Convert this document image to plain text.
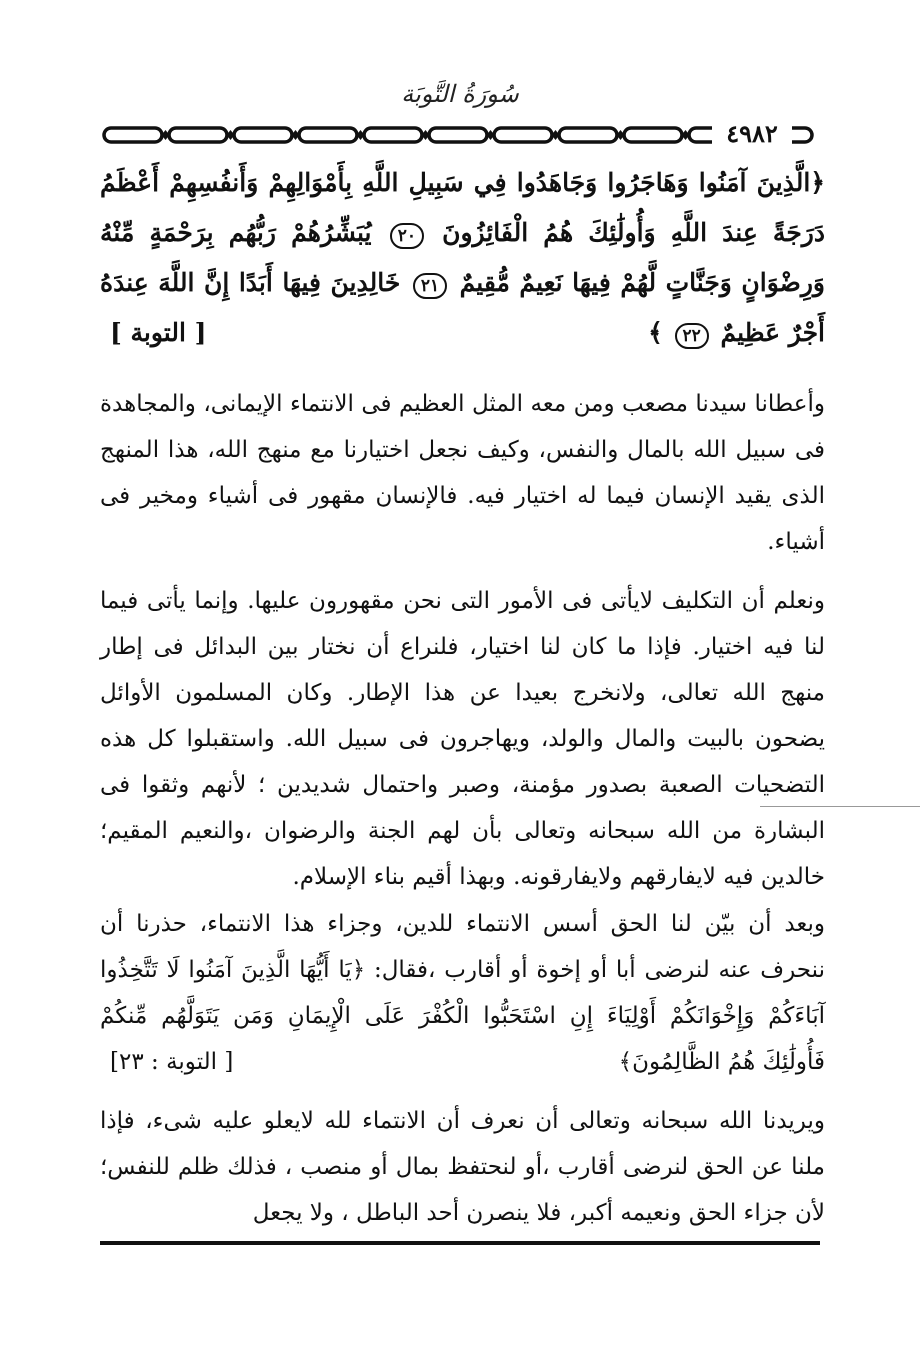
سُورَةُ التَّوبَة
٤٩٨٢
﴿الَّذِينَ آمَنُوا وَهَاجَرُوا وَجَاهَدُوا فِي سَبِيلِ اللَّهِ بِأَمْوَالِهِمْ وَأَنفُسِهِمْ أَعْظَمُ دَرَجَةً عِندَ اللَّهِ وَأُولَٰئِكَ هُمُ الْفَائِزُونَ ٢٠ يُبَشِّرُهُمْ رَبُّهُم بِرَحْمَةٍ مِّنْهُ وَرِضْوَانٍ وَجَنَّاتٍ لَّهُمْ فِيهَا نَعِيمٌ مُّقِيمٌ ٢١ خَالِدِينَ فِيهَا أَبَدًا إِنَّ اللَّهَ عِندَهُ أَجْرٌ عَظِيمٌ ٢٢ ﴾
[ التوبة ]

وأعطانا سيدنا مصعب ومن معه المثل العظيم فى الانتماء الإيمانى، والمجاهدة فى سبيل الله بالمال والنفس، وكيف نجعل اختيارنا مع منهج الله، هذا المنهج الذى يقيد الإنسان فيما له اختيار فيه. فالإنسان مقهور فى أشياء ومخير فى أشياء.

ونعلم أن التكليف لايأتى فى الأمور التى نحن مقهورون عليها. وإنما يأتى فيما لنا فيه اختيار. فإذا ما كان لنا اختيار، فلنراع أن نختار بين البدائل فى إطار منهج الله تعالى، ولانخرج بعيدا عن هذا الإطار. وكان المسلمون الأوائل يضحون بالبيت والمال والولد، ويهاجرون فى سبيل الله. واستقبلوا كل هذه التضحيات الصعبة بصدور مؤمنة، وصبر واحتمال شديدين ؛ لأنهم وثقوا فى البشارة من الله سبحانه وتعالى بأن لهم الجنة والرضوان ،والنعيم المقيم؛ خالدين فيه لايفارقهم ولايفارقونه. وبهذا أقيم بناء الإسلام.

وبعد أن بيّن لنا الحق أسس الانتماء للدين، وجزاء هذا الانتماء، حذرنا أن ننحرف عنه لنرضى أبا أو إخوة أو أقارب ،فقال: ﴿يَا أَيُّهَا الَّذِينَ آمَنُوا لَا تَتَّخِذُوا آبَاءَكُمْ وَإِخْوَانَكُمْ أَوْلِيَاءَ إِنِ اسْتَحَبُّوا الْكُفْرَ عَلَى الْإِيمَانِ وَمَن يَتَوَلَّهُم مِّنكُمْ فَأُولَٰئِكَ هُمُ الظَّالِمُونَ﴾
[ التوبة : ٢٣]

ويريدنا الله سبحانه وتعالى أن نعرف أن الانتماء لله لايعلو عليه شىء، فإذا ملنا عن الحق لنرضى أقارب ،أو لنحتفظ بمال أو منصب ، فذلك ظلم للنفس؛ لأن جزاء الحق ونعيمه أكبر، فلا ينصرن أحد الباطل ، ولا يجعل
